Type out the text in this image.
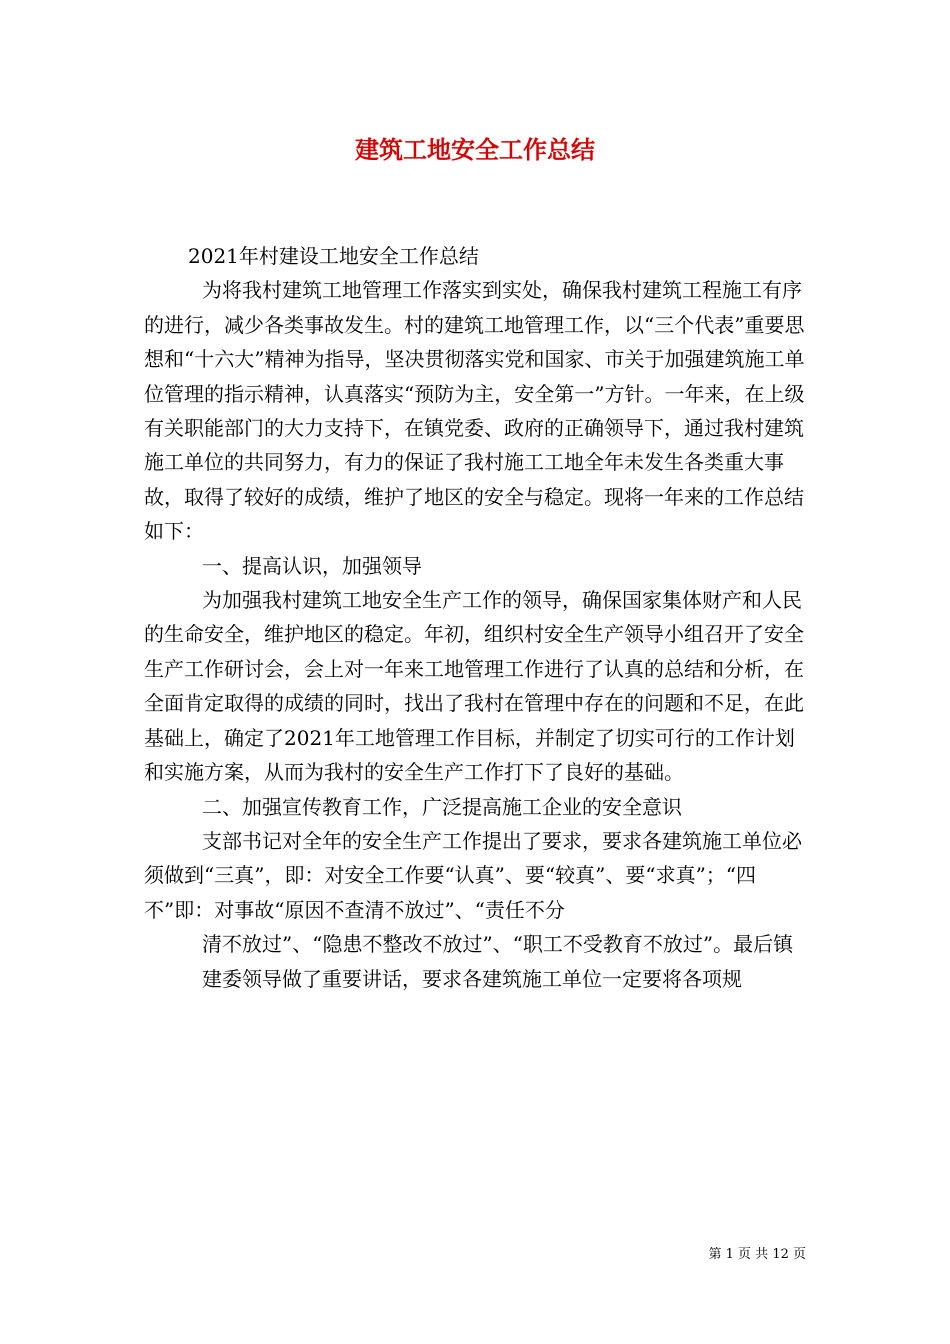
建筑工地安全工作总结

2021年村建设工地安全工作总结

为将我村建筑工地管理工作落实到实处，确保我村建筑工程施工有序的进行，减少各类事故发生。村的建筑工地管理工作，以“三个代表”重要思想和“十六大”精神为指导，坚决贯彻落实党和国家、市关于加强建筑施工单位管理的指示精神，认真落实“预防为主，安全第一”方针。一年来，在上级有关职能部门的大力支持下，在镇党委、政府的正确领导下，通过我村建筑施工单位的共同努力，有力的保证了我村施工工地全年未发生各类重大事故，取得了较好的成绩，维护了地区的安全与稳定。现将一年来的工作总结如下：

一、提高认识，加强领导

为加强我村建筑工地安全生产工作的领导，确保国家集体财产和人民的生命安全，维护地区的稳定。年初，组织村安全生产领导小组召开了安全生产工作研讨会，会上对一年来工地管理工作进行了认真的总结和分析，在全面肯定取得的成绩的同时，找出了我村在管理中存在的问题和不足，在此基础上，确定了2021年工地管理工作目标，并制定了切实可行的工作计划和实施方案，从而为我村的安全生产工作打下了良好的基础。

二、加强宣传教育工作，广泛提高施工企业的安全意识

支部书记对全年的安全生产工作提出了要求，要求各建筑施工单位必须做到“三真”，即：对安全工作要“认真”、要“较真”、要“求真”；“四不”即：对事故“原因不查清不放过”、“责任不分

清不放过”、“隐患不整改不放过”、“职工不受教育不放过”。最后镇

建委领导做了重要讲话，要求各建筑施工单位一定要将各项规

第 1 页 共 12 页
